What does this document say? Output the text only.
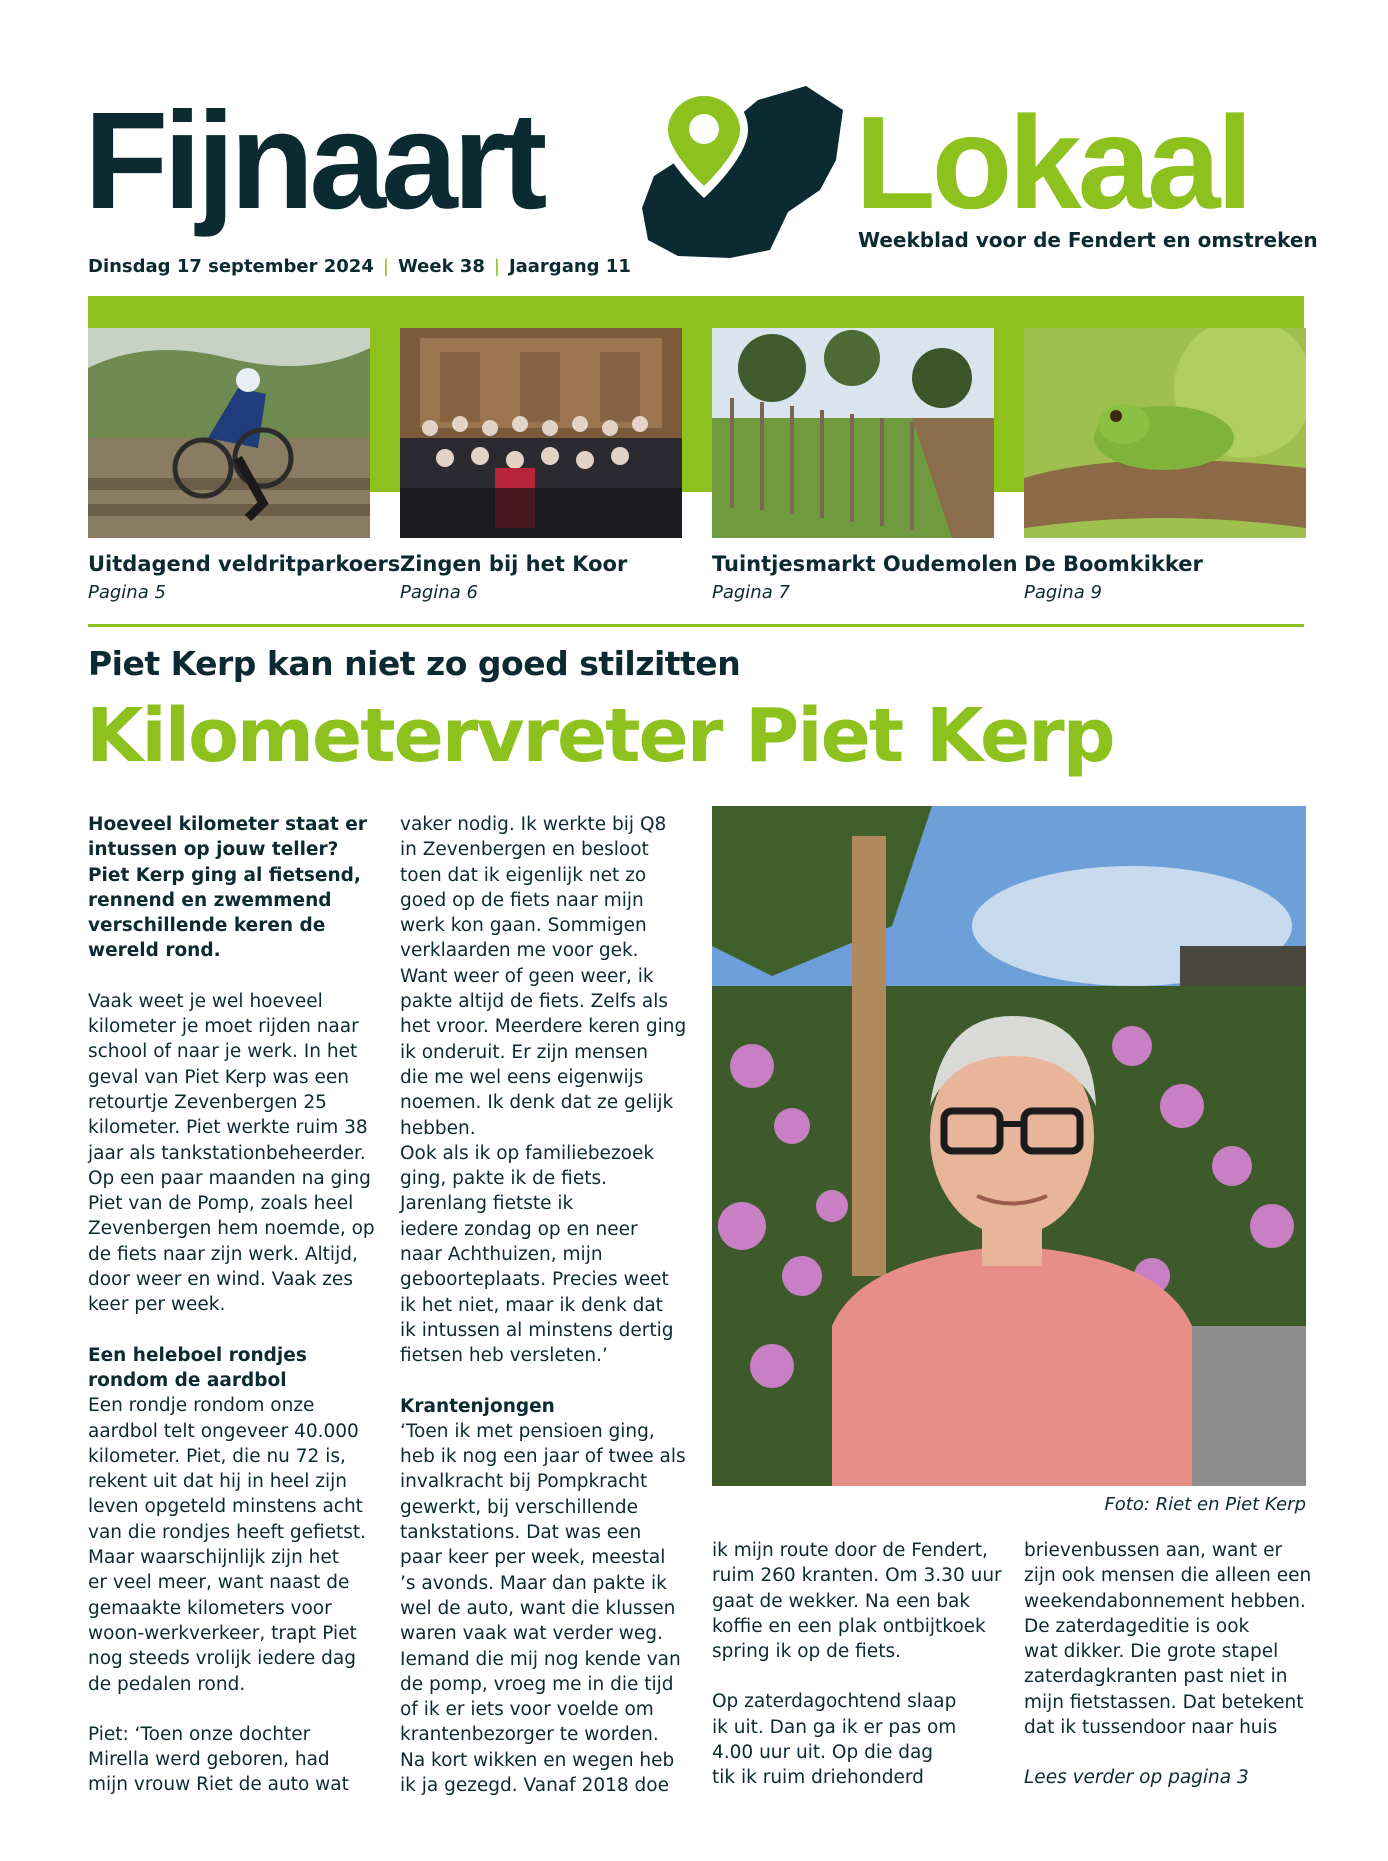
Fijnaart Lokaal
Weekblad voor de Fendert en omstreken
Dinsdag 17 september 2024 | Week 38 | Jaargang 11
Uitdagend veldritparkoers
Pagina 5
Zingen bij het Koor
Pagina 6
Tuintjesmarkt Oudemolen
Pagina 7
De Boomkikker
Pagina 9
Piet Kerp kan niet zo goed stilzitten
Kilometervreter Piet Kerp

Hoeveel kilometer staat er

intussen op jouw teller?

Piet Kerp ging al fietsend,

rennend en zwemmend

verschillende keren de

wereld rond.

Vaak weet je wel hoeveel

kilometer je moet rijden naar

school of naar je werk. In het

geval van Piet Kerp was een

retourtje Zevenbergen 25

kilometer. Piet werkte ruim 38

jaar als tankstationbeheerder.

Op een paar maanden na ging

Piet van de Pomp, zoals heel

Zevenbergen hem noemde, op

de fiets naar zijn werk. Altijd,

door weer en wind. Vaak zes

keer per week.

Een heleboel rondjes

rondom de aardbol

Een rondje rondom onze

aardbol telt ongeveer 40.000

kilometer. Piet, die nu 72 is,

rekent uit dat hij in heel zijn

leven opgeteld minstens acht

van die rondjes heeft gefietst.

Maar waarschijnlijk zijn het

er veel meer, want naast de

gemaakte kilometers voor

woon-werkverkeer, trapt Piet

nog steeds vrolijk iedere dag

de pedalen rond.

Piet: ‘Toen onze dochter

Mirella werd geboren, had

mijn vrouw Riet de auto wat

vaker nodig. Ik werkte bij Q8

in Zevenbergen en besloot

toen dat ik eigenlijk net zo

goed op de fiets naar mijn

werk kon gaan. Sommigen

verklaarden me voor gek.

Want weer of geen weer, ik

pakte altijd de fiets. Zelfs als

het vroor. Meerdere keren ging

ik onderuit. Er zijn mensen

die me wel eens eigenwijs

noemen. Ik denk dat ze gelijk

hebben.

Ook als ik op familiebezoek

ging, pakte ik de fiets.

Jarenlang fietste ik

iedere zondag op en neer

naar Achthuizen, mijn

geboorteplaats. Precies weet

ik het niet, maar ik denk dat

ik intussen al minstens dertig

fietsen heb versleten.’

Krantenjongen

‘Toen ik met pensioen ging,

heb ik nog een jaar of twee als

invalkracht bij Pompkracht

gewerkt, bij verschillende

tankstations. Dat was een

paar keer per week, meestal

’s avonds. Maar dan pakte ik

wel de auto, want die klussen

waren vaak wat verder weg.

Iemand die mij nog kende van

de pomp, vroeg me in die tijd

of ik er iets voor voelde om

krantenbezorger te worden.

Na kort wikken en wegen heb

ik ja gezegd. Vanaf 2018 doe

Foto: Riet en Piet Kerp

ik mijn route door de Fendert,

ruim 260 kranten. Om 3.30 uur

gaat de wekker. Na een bak

koffie en een plak ontbijtkoek

spring ik op de fiets.

Op zaterdagochtend slaap

ik uit. Dan ga ik er pas om

4.00 uur uit. Op die dag

tik ik ruim driehonderd

brievenbussen aan, want er

zijn ook mensen die alleen een

weekendabonnement hebben.

De zaterdageditie is ook

wat dikker. Die grote stapel

zaterdagkranten past niet in

mijn fietstassen. Dat betekent

dat ik tussendoor naar huis

Lees verder op pagina 3
